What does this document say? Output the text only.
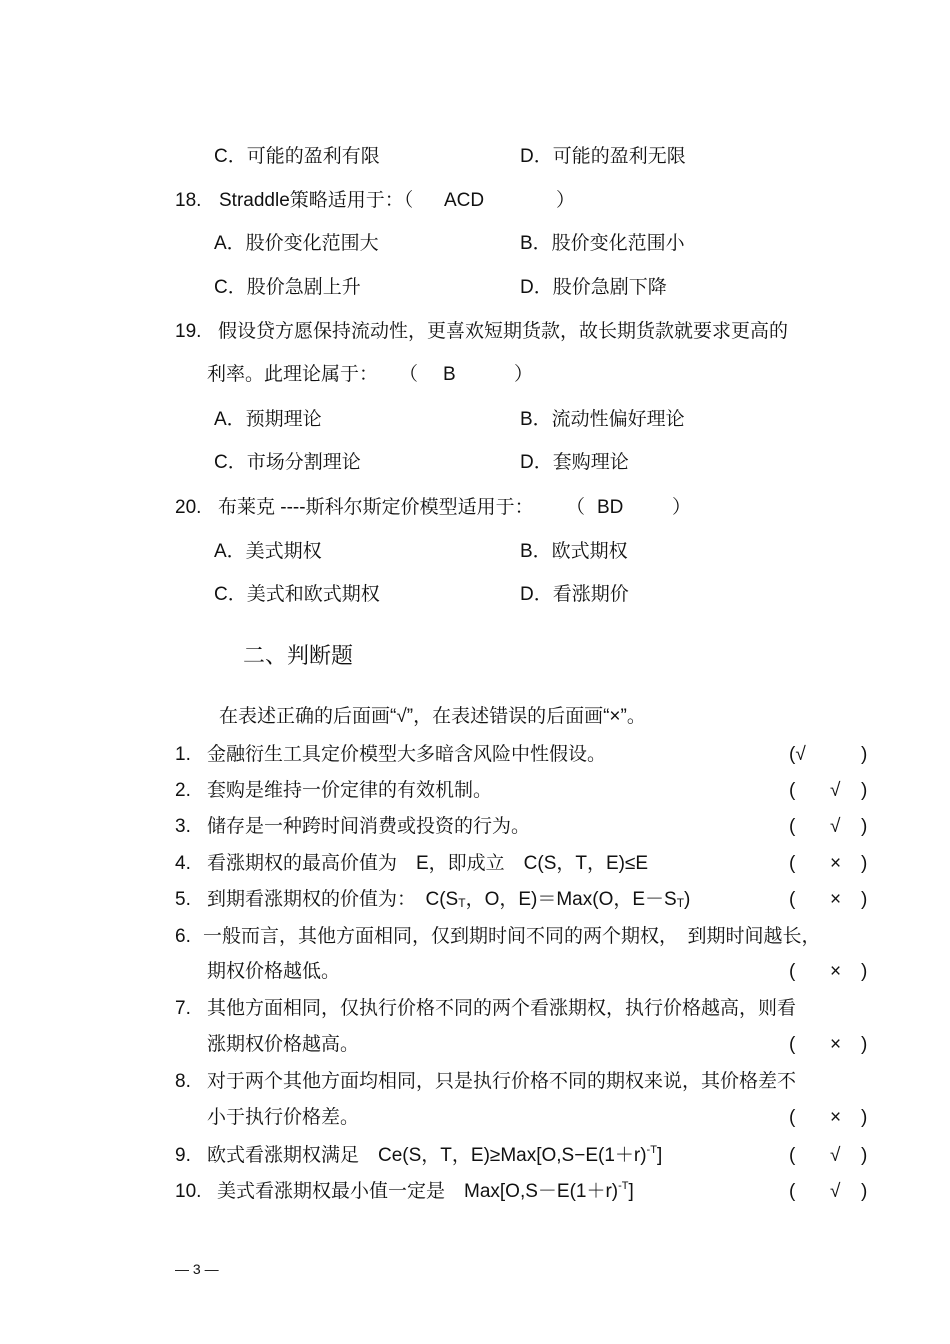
C．可能的盈利有限	D．可能的盈利无限
18. Straddle策略适用于：（ ACD	）
A．股价变化范围大	B．股价变化范围小
C．股价急剧上升	D．股价急剧下降
19. 假设贷方愿保持流动性，更喜欢短期货款，故长期货款就要求更高的
利率。此理论属于： （ B	）
A．预期理论	B．流动性偏好理论
C．市场分割理论	D．套购理论
20. 布莱克 ----斯科尔斯定价模型适用于： （ BD	）
A．美式期权	B．欧式期权
C．美式和欧式期权	D．看涨期价
二、判断题
在表述正确的后面画“√”，在表述错误的后面画“×”。
1. 金融衍生工具定价模型大多暗含风险中性假设。	(√	)
2. 套购是维持一价定律的有效机制。	( √ )
3. 储存是一种跨时间消费或投资的行为。	( √ )
4. 看涨期权的最高价值为　E，即成立　C(S，T，E)≤E	( × )
5. 到期看涨期权的价值为：　$C(S_T$，O，E)＝Max(O，$E-S_T$)	( × )
6. 一般而言，其他方面相同，仅到期时间不同的两个期权，　到期时间越长，
期权价格越低。	( × )
7. 其他方面相同，仅执行价格不同的两个看涨期权，执行价格越高，则看
涨期权价格越高。	( × )
8. 对于两个其他方面均相同，只是执行价格不同的期权来说，其价格差不
小于执行价格差。	( × )
9. 欧式看涨期权满足　Ce(S，T，$E)\ge Max[O,S-E(1+r)^{-T}]$	( √ )
10. 美式看涨期权最小值一定是　$Max[O,S-E(1+r)^{-T}]$	( √ )
— 3 —
